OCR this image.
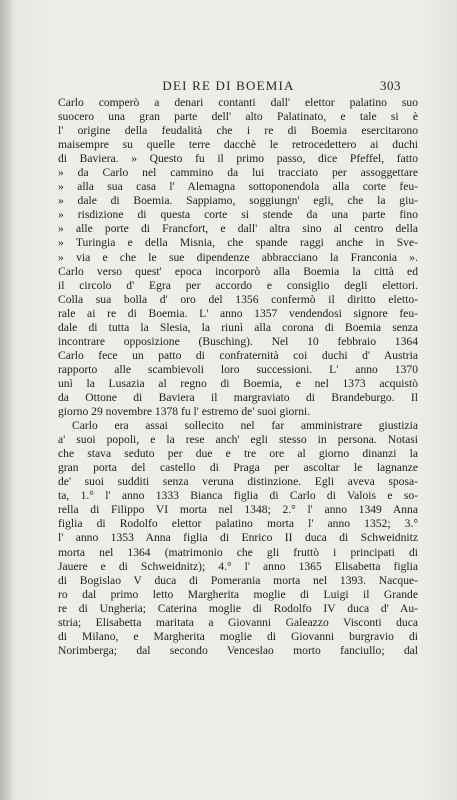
DEI RE DI BOEMIA	303
Carlo comperò a denari contanti dall' elettor palatino suo
suocero una gran parte dell' alto Palatinato, e tale si è
l' origine della feudalità che i re di Boemia esercitarono
maisempre su quelle terre dacchè le retrocedettero ai duchi
di Baviera. » Questo fu il primo passo, dice Pfeffel, fatto
» da Carlo nel cammino da lui tracciato per assoggettare
» alla sua casa l' Alemagna sottoponendola alla corte feu-
» dale di Boemia. Sappiamo, soggiungn' egli, che la giu-
» risdizione di questa corte si stende da una parte fino
» alle porte di Francfort, e dall' altra sino al centro della
» Turingia e della Misnia, che spande raggi anche in Sve-
» via e che le sue dipendenze abbracciano la Franconia ».
Carlo verso quest' epoca incorporò alla Boemia la città ed
il circolo d' Egra per accordo e consiglio degli elettori.
Colla sua bolla d' oro del 1356 confermò il diritto eletto-
rale ai re di Boemia. L' anno 1357 vendendosi signore feu-
dale di tutta la Slesia, la riunì alla corona di Boemia senza
incontrare opposizione (Busching). Nel 10 febbraio 1364
Carlo fece un patto di confraternità coi duchi d' Austria
rapporto alle scambievoli loro successioni. L' anno 1370
unì la Lusazia al regno di Boemia, e nel 1373 acquistò
da Ottone di Baviera il margraviato di Brandeburgo. Il
giorno 29 novembre 1378 fu l' estremo de' suoi giorni.
Carlo era assai sollecito nel far amministrare giustizia
a' suoi popoli, e la rese anch' egli stesso in persona. Notasi
che stava seduto per due e tre ore al giorno dinanzi la
gran porta del castello di Praga per ascoltar le lagnanze
de' suoi sudditi senza veruna distinzione. Egli aveva sposa-
ta, 1.° l' anno 1333 Bianca figlia di Carlo di Valois e so-
rella di Filippo VI morta nel 1348; 2.° l' anno 1349 Anna
figlia di Rodolfo elettor palatino morta l' anno 1352; 3.°
l' anno 1353 Anna figlia di Enrico II duca di Schweidnitz
morta nel 1364 (matrimonio che gli fruttò i principati di
Jauere e di Schweidnitz); 4.° l' anno 1365 Elisabetta figlia
di Bogislao V duca di Pomerania morta nel 1393. Nacque-
ro dal primo letto Margherita moglie di Luigi il Grande
re di Ungheria; Caterina moglie di Rodolfo IV duca d' Au-
stria; Elisabetta maritata a Giovanni Galeazzo Visconti duca
di Milano, e Margherita moglie di Giovanni burgravio di
Norimberga; dal secondo Venceslao morto fanciullo; dal
